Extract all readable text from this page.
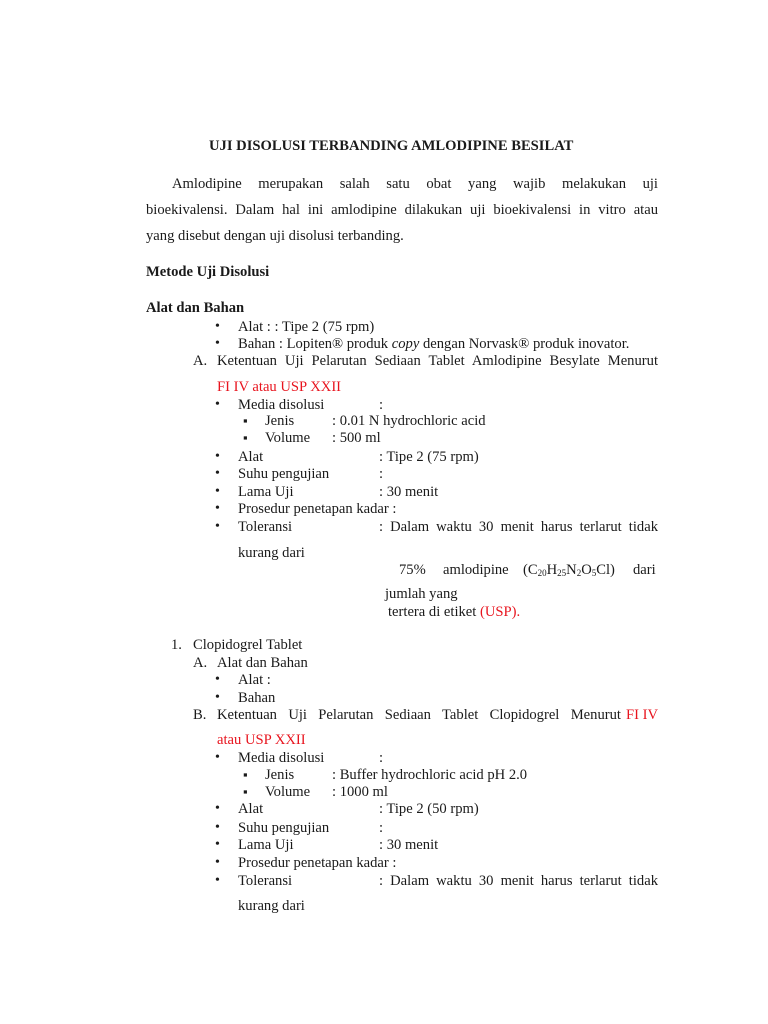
UJI DISOLUSI TERBANDING AMLODIPINE BESILAT
Amlodipine merupakan salah satu obat yang wajib melakukan uji
bioekivalensi. Dalam hal ini amlodipine dilakukan uji bioekivalensi in vitro atau
yang disebut dengan uji disolusi terbanding.
Metode Uji Disolusi
Alat dan Bahan
• Alat : : Tipe 2 (75 rpm)
• Bahan : Lopiten® produk copy dengan Norvask® produk inovator.
A. Ketentuan Uji Pelarutan Sediaan Tablet Amlodipine Besylate Menurut
FI IV atau USP XXII
• Media disolusi	:
▪ Jenis	: 0.01 N hydrochloric acid
▪ Volume : 500 ml
• Alat	: Tipe 2 (75 rpm)
• Suhu pengujian	:
• Lama Uji	: 30 menit
• Prosedur penetapan kadar :
• Toleransi	: Dalam waktu 30 menit harus terlarut tidak
kurang dari
75% amlodipine $(C_{20}H_{25}N_2O_5Cl)$ dari
jumlah yang
tertera di etiket (USP).
1. Clopidogrel Tablet
A. Alat dan Bahan
• Alat :
• Bahan
B. Ketentuan Uji Pelarutan Sediaan Tablet Clopidogrel Menurut FI IV
atau USP XXII
• Media disolusi	:
▪ Jenis	: Buffer hydrochloric acid pH 2.0
▪ Volume : 1000 ml
• Alat	: Tipe 2 (50 rpm)
• Suhu pengujian	:
• Lama Uji	: 30 menit
• Prosedur penetapan kadar :
• Toleransi	: Dalam waktu 30 menit harus terlarut tidak
kurang dari
